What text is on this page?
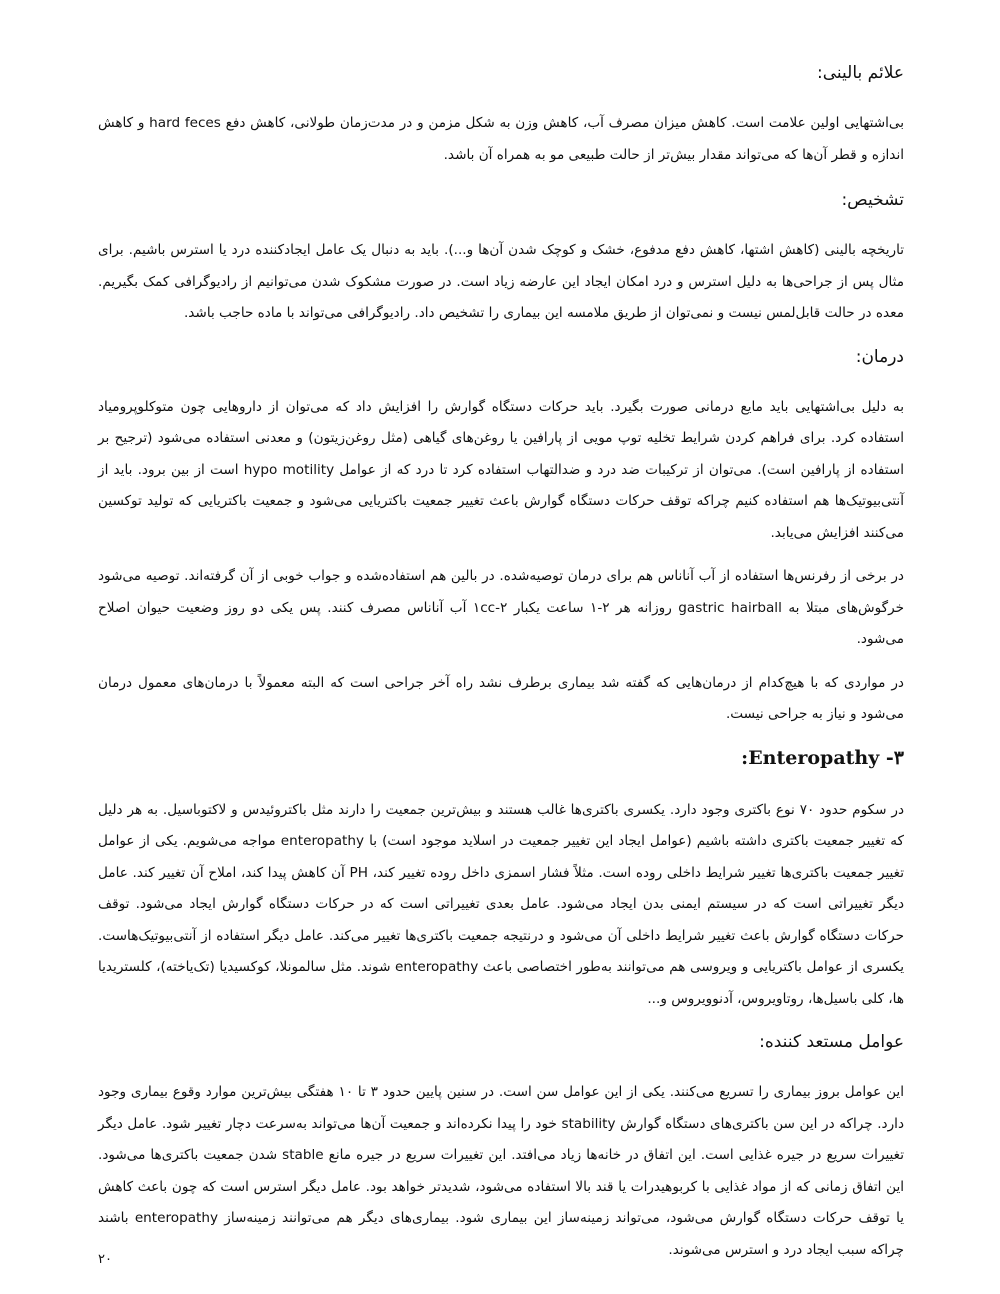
علائم بالینی:

بی‌اشتهایی اولین علامت است. کاهش میزان مصرف آب، کاهش وزن به شکل مزمن و در مدت‌زمان طولانی، کاهش دفع hard feces و کاهش اندازه و قطر آن‌ها که می‌تواند مقدار بیش‌تر از حالت طبیعی مو به همراه آن باشد.

تشخیص:

تاریخچه بالینی (کاهش اشتها، کاهش دفع مدفوع، خشک و کوچک شدن آن‌ها و...). باید به دنبال یک عامل ایجادکننده درد یا استرس باشیم. برای مثال پس از جراحی‌ها به دلیل استرس و درد امکان ایجاد این عارضه زیاد است. در صورت مشکوک شدن می‌توانیم از رادیوگرافی کمک بگیریم. معده در حالت قابل‌لمس نیست و نمی‌توان از طریق ملامسه این بیماری را تشخیص داد. رادیوگرافی می‌تواند با ماده حاجب باشد.

درمان:

به دلیل بی‌اشتهایی باید مایع درمانی صورت بگیرد. باید حرکات دستگاه گوارش را افزایش داد که می‌توان از داروهایی چون متوکلوپرومیاد استفاده کرد. برای فراهم کردن شرایط تخلیه توپ مویی از پارافین یا روغن‌های گیاهی (مثل روغن‌زیتون) و معدنی استفاده می‌شود (ترجیح بر استفاده از پارافین است). می‌توان از ترکیبات ضد درد و ضدالتهاب استفاده کرد تا درد که از عوامل hypo motility است از بین برود. باید از آنتی‌بیوتیک‌ها هم استفاده کنیم چراکه توقف حرکات دستگاه گوارش باعث تغییر جمعیت باکتریایی می‌شود و جمعیت باکتریایی که تولید توکسین می‌کنند افزایش می‌یابد.

در برخی از رفرنس‌ها استفاده از آب آناناس هم برای درمان توصیه‌شده. در بالین هم استفاده‌شده و جواب خوبی از آن گرفته‌اند. توصیه می‌شود خرگوش‌های مبتلا به gastric hairball روزانه هر ۲-۱ ساعت یکبار ۱cc-۲ آب آناناس مصرف کنند. پس یکی دو روز وضعیت حیوان اصلاح می‌شود.

در مواردی که با هیچ‌کدام از درمان‌هایی که گفته شد بیماری برطرف نشد راه آخر جراحی است که البته معمولاً با درمان‌های معمول درمان می‌شود و نیاز به جراحی نیست.

۳- Enteropathy:

در سکوم حدود ۷۰ نوع باکتری وجود دارد. یکسری باکتری‌ها غالب هستند و بیش‌ترین جمعیت را دارند مثل باکتروئیدس و لاکتوباسیل. به هر دلیل که تغییر جمعیت باکتری داشته باشیم (عوامل ایجاد این تغییر جمعیت در اسلاید موجود است) با enteropathy مواجه می‌شویم. یکی از عوامل تغییر جمعیت باکتری‌ها تغییر شرایط داخلی روده است. مثلاً فشار اسمزی داخل روده تغییر کند، PH آن کاهش پیدا کند، املاح آن تغییر کند. عامل دیگر تغییراتی است که در سیستم ایمنی بدن ایجاد می‌شود. عامل بعدی تغییراتی است که در حرکات دستگاه گوارش ایجاد می‌شود. توقف حرکات دستگاه گوارش باعث تغییر شرایط داخلی آن می‌شود و درنتیجه جمعیت باکتری‌ها تغییر می‌کند. عامل دیگر استفاده از آنتی‌بیوتیک‌هاست. یکسری از عوامل باکتریایی و ویروسی هم می‌توانند به‌طور اختصاصی باعث enteropathy شوند. مثل سالمونلا، کوکسیدیا (تک‌یاخته)، کلستریدیا ها، کلی باسیل‌ها، روتاویروس، آدنوویروس و...

عوامل مستعد کننده:

این عوامل بروز بیماری را تسریع می‌کنند. یکی از این عوامل سن است. در سنین پایین حدود ۳ تا ۱۰ هفتگی بیش‌ترین موارد وقوع بیماری وجود دارد. چراکه در این سن باکتری‌های دستگاه گوارش stability خود را پیدا نکرده‌اند و جمعیت آن‌ها می‌تواند به‌سرعت دچار تغییر شود. عامل دیگر تغییرات سریع در جیره غذایی است. این اتفاق در خانه‌ها زیاد می‌افتد. این تغییرات سریع در جیره مانع stable شدن جمعیت باکتری‌ها می‌شود. این اتفاق زمانی که از مواد غذایی با کربوهیدرات یا قند بالا استفاده می‌شود، شدیدتر خواهد بود. عامل دیگر استرس است که چون باعث کاهش یا توقف حرکات دستگاه گوارش می‌شود، می‌تواند زمینه‌ساز این بیماری شود. بیماری‌های دیگر هم می‌توانند زمینه‌ساز enteropathy باشند چراکه سبب ایجاد درد و استرس می‌شوند.

۲۰
